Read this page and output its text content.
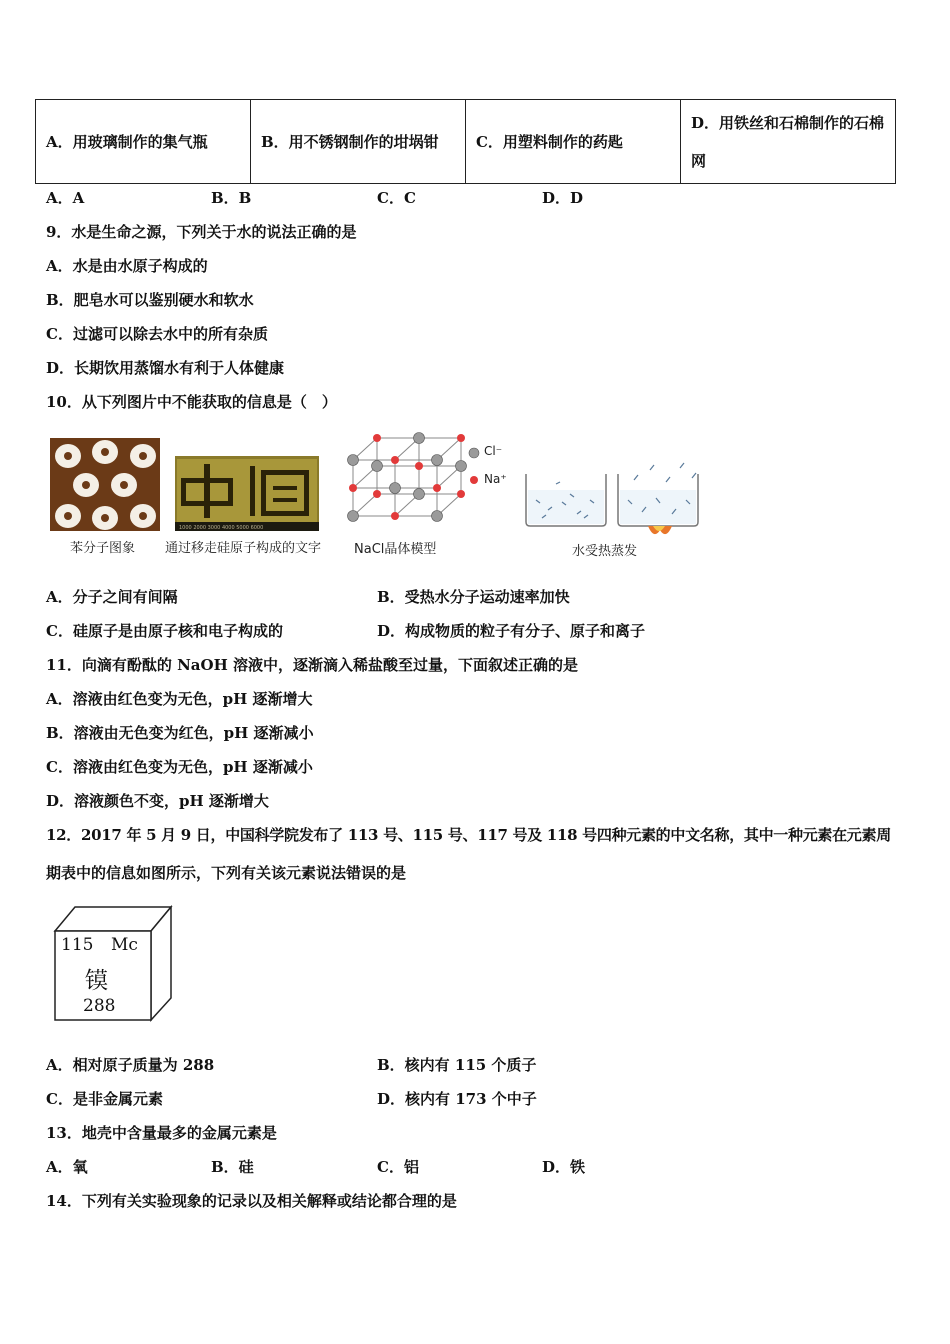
A．用玻璃制作的集气瓶	B．用不锈钢制作的坩埚钳	C．用塑料制作的药匙	D．用铁丝和石棉制作的石棉网
A．A	B．B	C．C	D．D
9．水是生命之源，下列关于水的说法正确的是
A．水是由水原子构成的
B．肥皂水可以鉴别硬水和软水
C．过滤可以除去水中的所有杂质
D．长期饮用蒸馏水有利于人体健康
10．从下列图片中不能获取的信息是（　）
苯分子图象
1000 2000 3000 4000 5000 6000
通过移走硅原子构成的文字
Cl⁻
Na⁺
NaCl晶体模型	水受热蒸发
A．分子之间有间隔	B．受热水分子运动速率加快
C．硅原子是由原子核和电子构成的	D．构成物质的粒子有分子、原子和离子
11．向滴有酚酞的 NaOH 溶液中，逐渐滴入稀盐酸至过量，下面叙述正确的是
A．溶液由红色变为无色，pH 逐渐增大
B．溶液由无色变为红色，pH 逐渐减小
C．溶液由红色变为无色，pH 逐渐减小
D．溶液颜色不变，pH 逐渐增大
12．2017 年 5 月 9 日，中国科学院发布了 113 号、115 号、117 号及 118 号四种元素的中文名称，其中一种元素在元素周
期表中的信息如图所示，下列有关该元素说法错误的是
115 Mc
镆
288
A．相对原子质量为 288	B．核内有 115 个质子
C．是非金属元素	D．核内有 173 个中子
13．地壳中含量最多的金属元素是
A．氧	B．硅	C．铝	D．铁
14．下列有关实验现象的记录以及相关解释或结论都合理的是
